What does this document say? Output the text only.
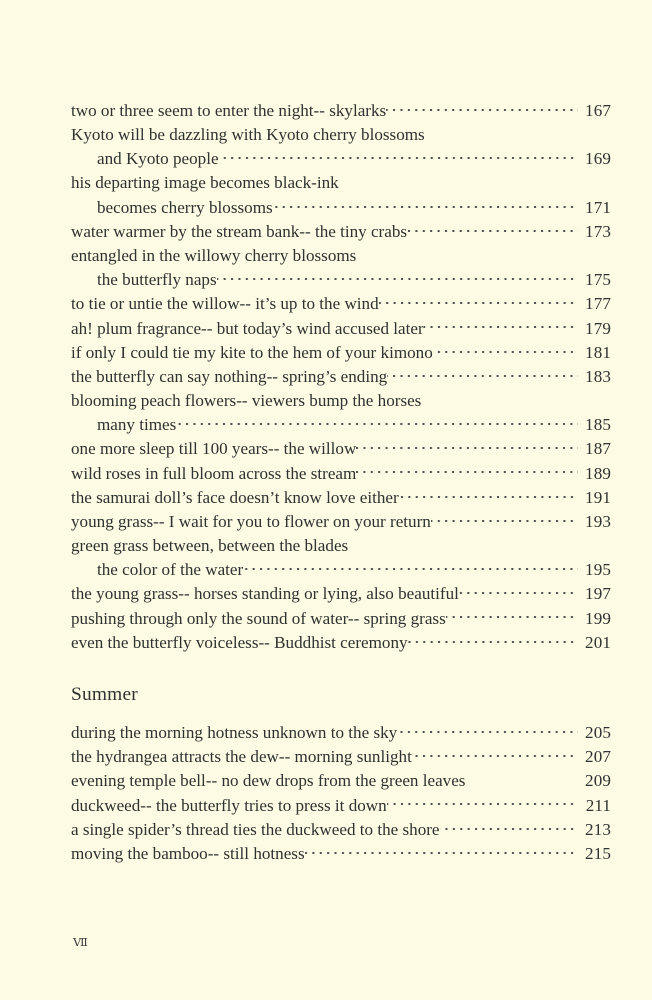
two or three seem to enter the night-- skylarks	167
Kyoto will be dazzling with Kyoto cherry blossoms
and Kyoto people	169
his departing image becomes black-ink
becomes cherry blossoms	171
water warmer by the stream bank-- the tiny crabs	173
entangled in the willowy cherry blossoms
the butterfly naps	175
to tie or untie the willow-- it’s up to the wind	177
ah! plum fragrance-- but today’s wind accused later	179
if only I could tie my kite to the hem of your kimono	181
the butterfly can say nothing-- spring’s ending	183
blooming peach flowers-- viewers bump the horses
many times	185
one more sleep till 100 years-- the willow	187
wild roses in full bloom across the stream	189
the samurai doll’s face doesn’t know love either	191
young grass-- I wait for you to flower on your return	193
green grass between, between the blades
the color of the water	195
the young grass-- horses standing or lying, also beautiful	197
pushing through only the sound of water-- spring grass	199
even the butterfly voiceless-- Buddhist ceremony	201
Summer
during the morning hotness unknown to the sky	205
the hydrangea attracts the dew-- morning sunlight	207
evening temple bell-- no dew drops from the green leaves	209
duckweed-- the butterfly tries to press it down	211
a single spider’s thread ties the duckweed to the shore	213
moving the bamboo-- still hotness	215
Ⅶ
